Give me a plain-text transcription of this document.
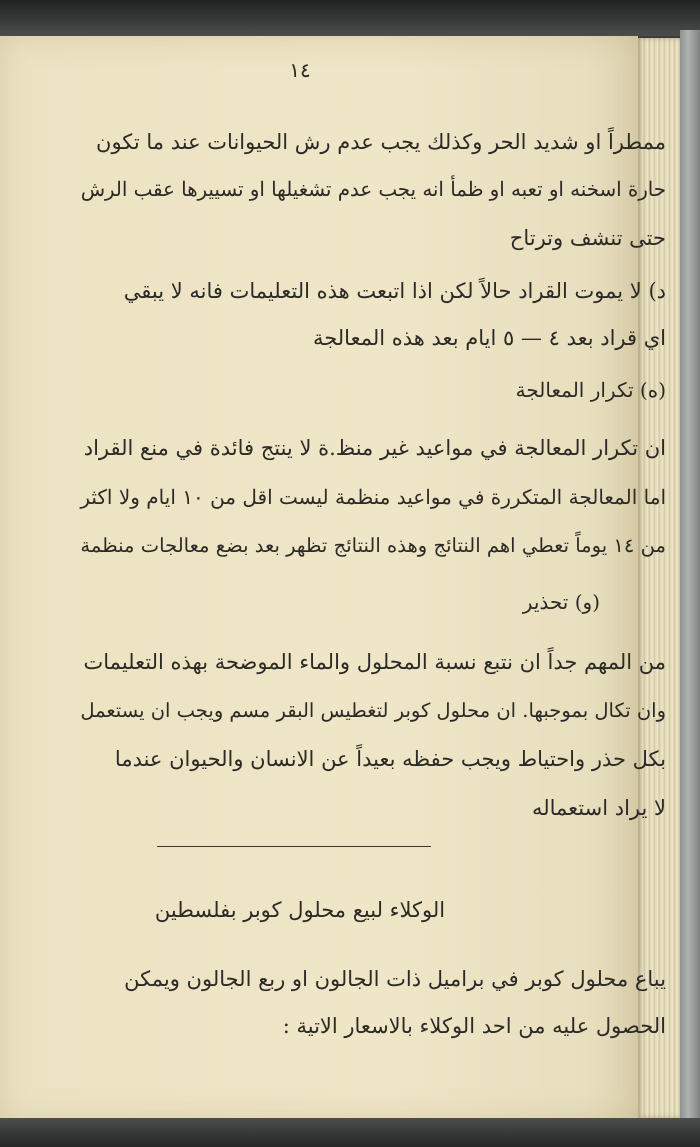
١٤
ممطراً او شديد الحر وكذلك يجب عدم رش الحيوانات عند ما تكون
حارة اسخنه او تعبه او ظمأ انه يجب عدم تشغيلها او تسييرها عقب الرش
حتى تنشف وترتاح
د) لا يموت القراد حالاً لكن اذا اتبعت هذه التعليمات فانه لا يبقي
اي قراد بعد ٤ — ٥ ايام بعد هذه المعالجة
(ه) تكرار المعالجة
ان تكرار المعالجة في مواعيد غير منظ.ة لا ينتج فائدة في منع القراد
اما المعالجة المتكررة في مواعيد منظمة ليست اقل من ١٠ ايام ولا اكثر
من ١٤ يوماً تعطي اهم النتائج وهذه النتائج تظهر بعد بضع معالجات منظمة
(و) تحذير
من المهم جداً ان نتبع نسبة المحلول والماء الموضحة بهذه التعليمات
وان تكال بموجبها. ان محلول كوبر لتغطيس البقر مسم ويجب ان يستعمل
بكل حذر واحتياط ويجب حفظه بعيداً عن الانسان والحيوان عندما
لا يراد استعماله
الوكلاء لبيع محلول كوبر بفلسطين
يباع محلول كوبر في براميل ذات الجالون او ربع الجالون ويمكن
الحصول عليه من احد الوكلاء بالاسعار الاتية :
